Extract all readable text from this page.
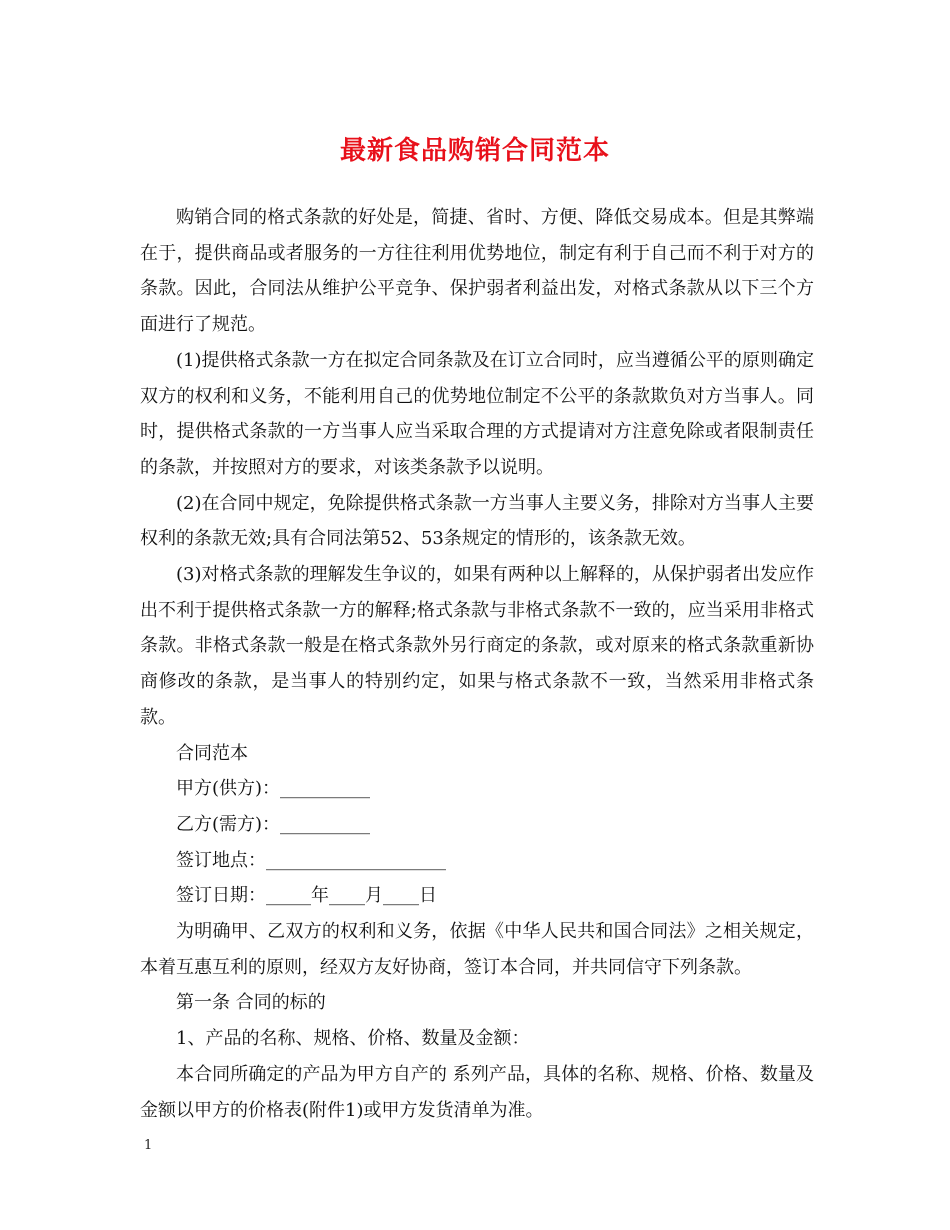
最新食品购销合同范本

购销合同的格式条款的好处是，简捷、省时、方便、降低交易成本。但是其弊端在于，提供商品或者服务的一方往往利用优势地位，制定有利于自己而不利于对方的条款。因此，合同法从维护公平竞争、保护弱者利益出发，对格式条款从以下三个方面进行了规范。

(1)提供格式条款一方在拟定合同条款及在订立合同时，应当遵循公平的原则确定双方的权利和义务，不能利用自己的优势地位制定不公平的条款欺负对方当事人。同时，提供格式条款的一方当事人应当采取合理的方式提请对方注意免除或者限制责任的条款，并按照对方的要求，对该类条款予以说明。

(2)在合同中规定，免除提供格式条款一方当事人主要义务，排除对方当事人主要权利的条款无效;具有合同法第52、53条规定的情形的，该条款无效。

(3)对格式条款的理解发生争议的，如果有两种以上解释的，从保护弱者出发应作出不利于提供格式条款一方的解释;格式条款与非格式条款不一致的，应当采用非格式条款。非格式条款一般是在格式条款外另行商定的条款，或对原来的格式条款重新协商修改的条款，是当事人的特别约定，如果与格式条款不一致，当然采用非格式条款。

合同范本

甲方(供方)：__________

乙方(需方)：__________

签订地点：____________________

签订日期：_____年____月____日

为明确甲、乙双方的权利和义务，依据《中华人民共和国合同法》之相关规定，本着互惠互利的原则，经双方友好协商，签订本合同，并共同信守下列条款。

第一条 合同的标的

1、产品的名称、规格、价格、数量及金额：

本合同所确定的产品为甲方自产的 系列产品，具体的名称、规格、价格、数量及金额以甲方的价格表(附件1)或甲方发货清单为准。

1
